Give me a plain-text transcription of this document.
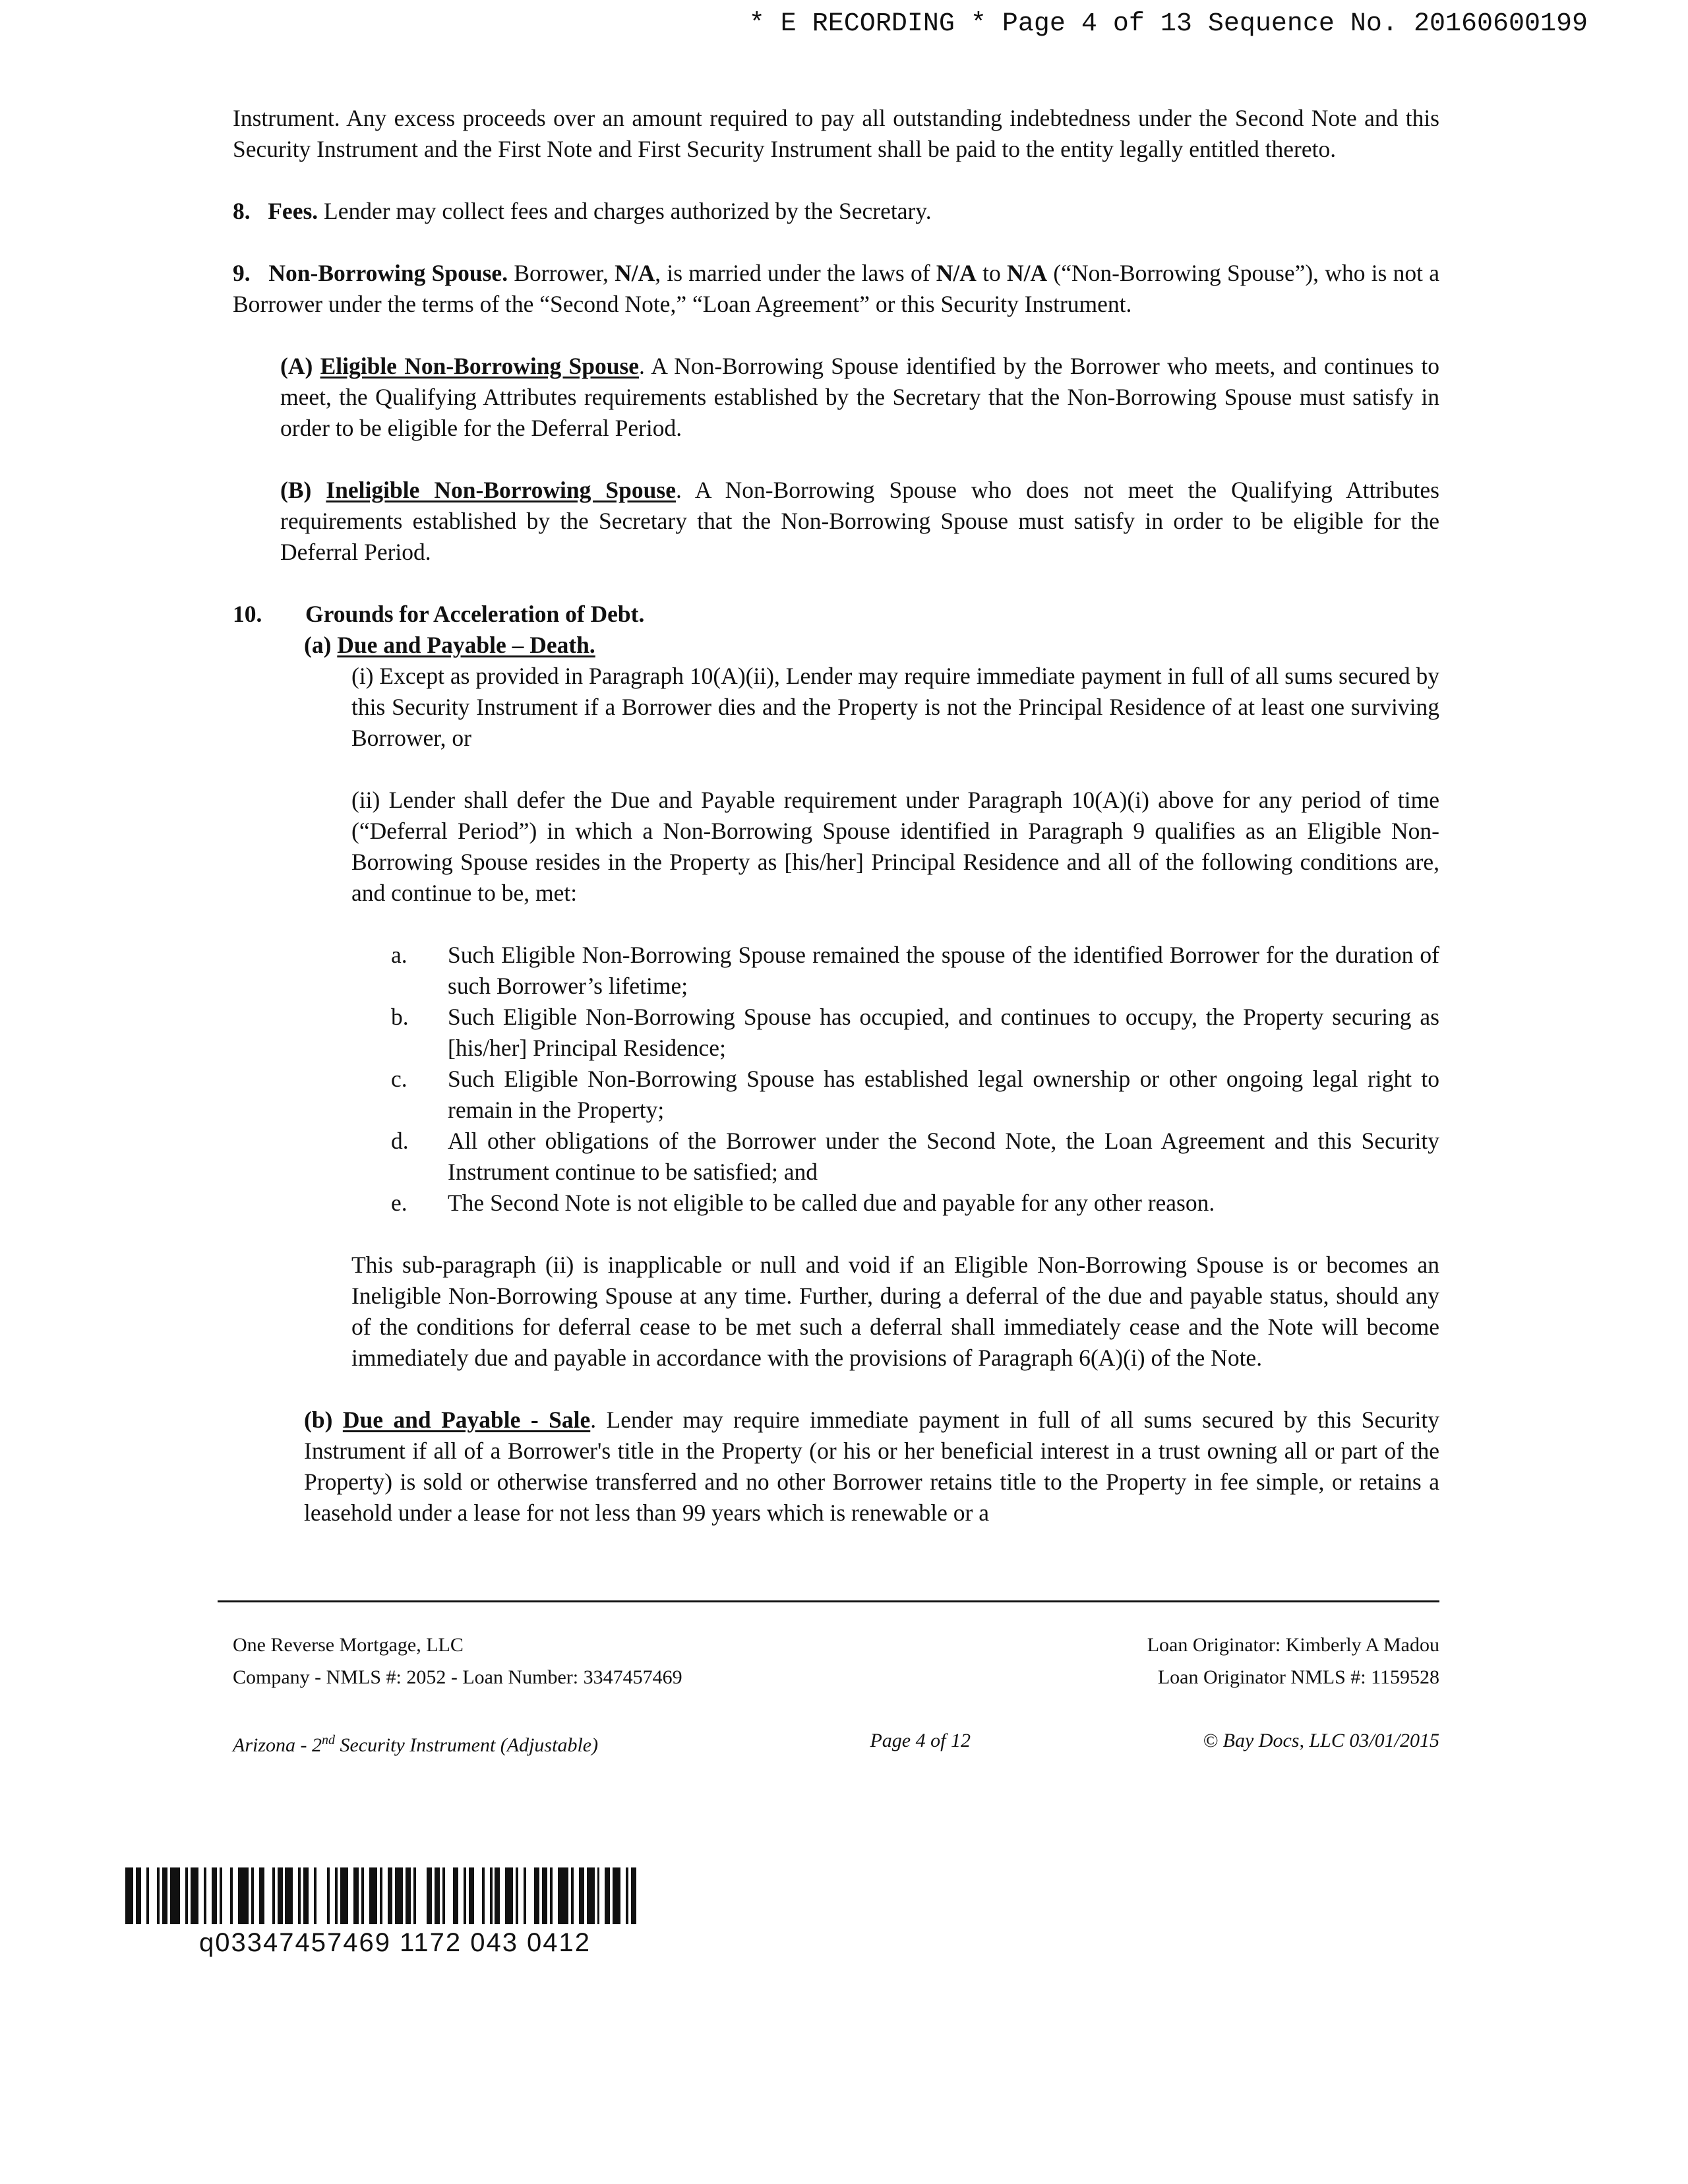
* E RECORDING * Page 4 of 13 Sequence No. 20160600199

Instrument. Any excess proceeds over an amount required to pay all outstanding indebtedness under the Second Note and this Security Instrument and the First Note and First Security Instrument shall be paid to the entity legally entitled thereto.

8. Fees. Lender may collect fees and charges authorized by the Secretary.

9. Non-Borrowing Spouse. Borrower, N/A, is married under the laws of N/A to N/A (“Non-Borrowing Spouse”), who is not a Borrower under the terms of the “Second Note,” “Loan Agreement” or this Security Instrument.

(A) Eligible Non-Borrowing Spouse. A Non-Borrowing Spouse identified by the Borrower who meets, and continues to meet, the Qualifying Attributes requirements established by the Secretary that the Non-Borrowing Spouse must satisfy in order to be eligible for the Deferral Period.

(B) Ineligible Non-Borrowing Spouse. A Non-Borrowing Spouse who does not meet the Qualifying Attributes requirements established by the Secretary that the Non-Borrowing Spouse must satisfy in order to be eligible for the Deferral Period.

10.	Grounds for Acceleration of Debt.

(a) Due and Payable – Death.

(i) Except as provided in Paragraph 10(A)(ii), Lender may require immediate payment in full of all sums secured by this Security Instrument if a Borrower dies and the Property is not the Principal Residence of at least one surviving Borrower, or

(ii) Lender shall defer the Due and Payable requirement under Paragraph 10(A)(i) above for any period of time (“Deferral Period”) in which a Non-Borrowing Spouse identified in Paragraph 9 qualifies as an Eligible Non-Borrowing Spouse resides in the Property as [his/her] Principal Residence and all of the following conditions are, and continue to be, met:

a.	Such Eligible Non-Borrowing Spouse remained the spouse of the identified Borrower for the duration of such Borrower’s lifetime;
b.	Such Eligible Non-Borrowing Spouse has occupied, and continues to occupy, the Property securing as [his/her] Principal Residence;
c.	Such Eligible Non-Borrowing Spouse has established legal ownership or other ongoing legal right to remain in the Property;
d.	All other obligations of the Borrower under the Second Note, the Loan Agreement and this Security Instrument continue to be satisfied; and
e.	The Second Note is not eligible to be called due and payable for any other reason.

This sub-paragraph (ii) is inapplicable or null and void if an Eligible Non-Borrowing Spouse is or becomes an Ineligible Non-Borrowing Spouse at any time. Further, during a deferral of the due and payable status, should any of the conditions for deferral cease to be met such a deferral shall immediately cease and the Note will become immediately due and payable in accordance with the provisions of Paragraph 6(A)(i) of the Note.

(b) Due and Payable - Sale. Lender may require immediate payment in full of all sums secured by this Security Instrument if all of a Borrower's title in the Property (or his or her beneficial interest in a trust owning all or part of the Property) is sold or otherwise transferred and no other Borrower retains title to the Property in fee simple, or retains a leasehold under a lease for not less than 99 years which is renewable or a

One Reverse Mortgage, LLC	Loan Originator: Kimberly A Madou
Company - NMLS #: 2052 - Loan Number: 3347457469	Loan Originator NMLS #: 1159528
Arizona - 2nd Security Instrument (Adjustable)	Page 4 of 12	© Bay Docs, LLC 03/01/2015
q03347457469 1172 043 0412
